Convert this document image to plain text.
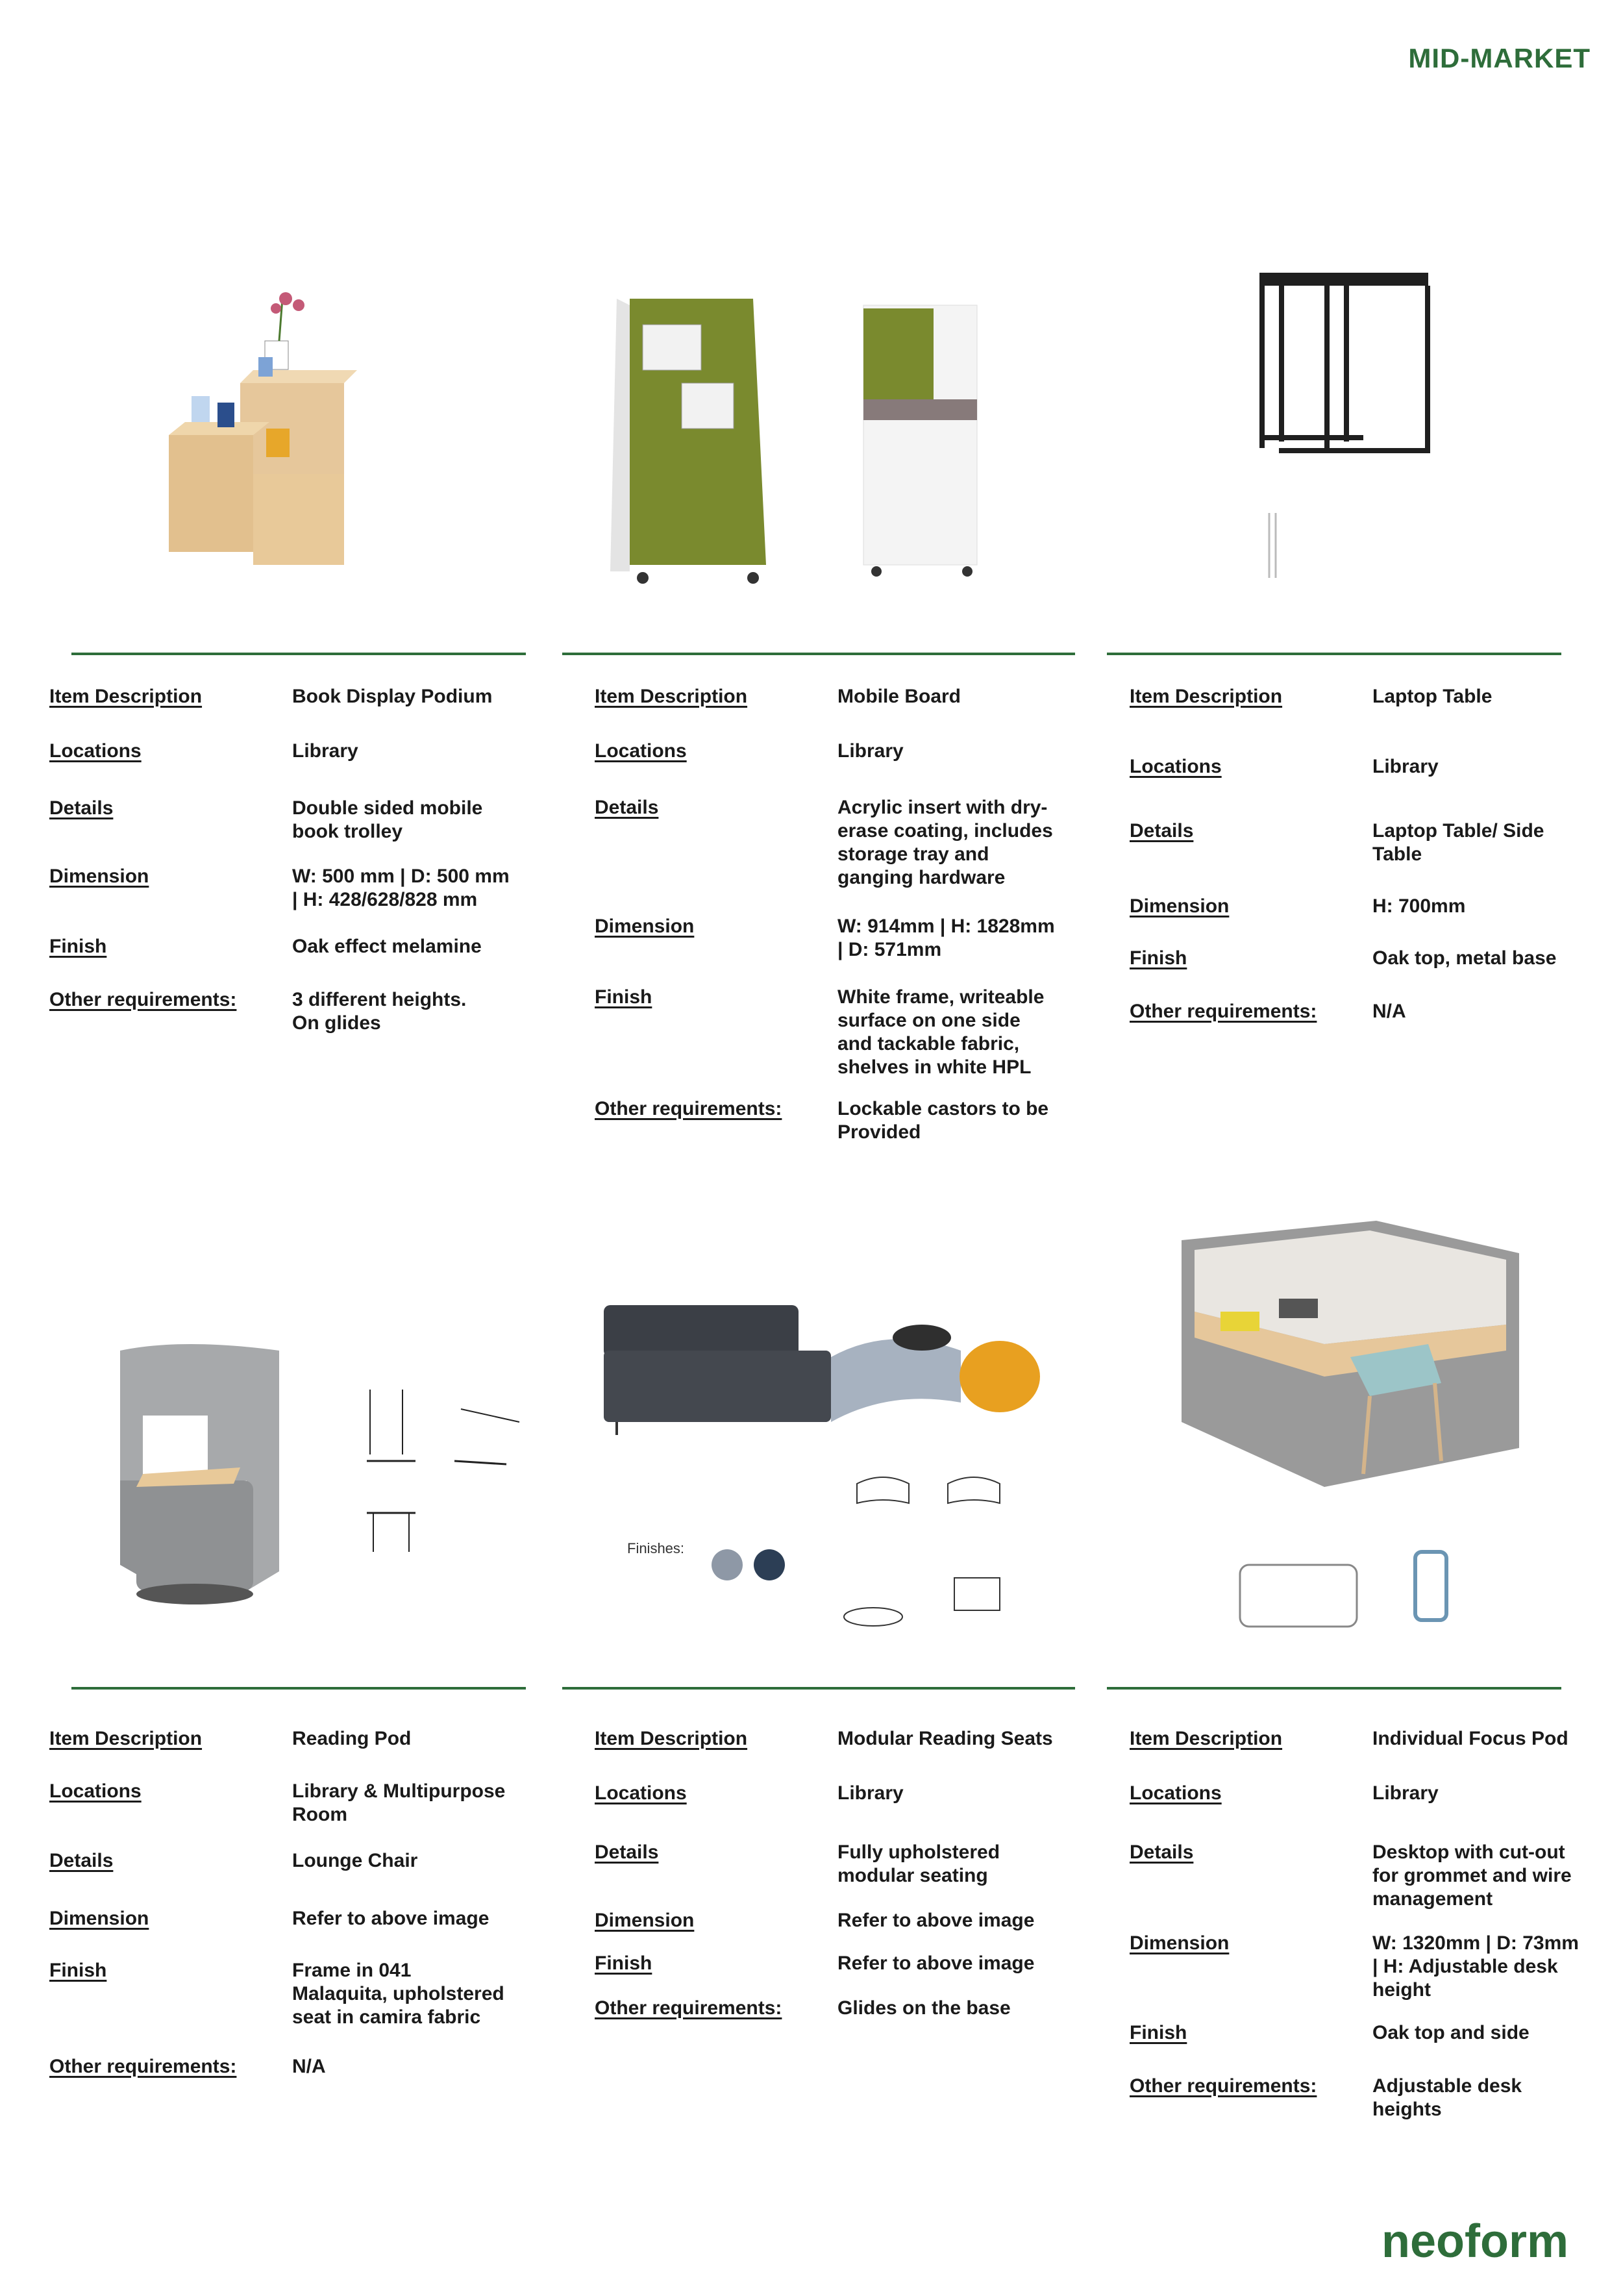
MID-MARKET
Item Description	Book Display Podium
Locations	Library
Details	Double sided mobile
book trolley
Dimension	W: 500 mm | D: 500 mm
| H: 428/628/828 mm
Finish	Oak effect melamine
Other requirements:	3 different heights.
On glides
Item Description	Mobile Board
Locations	Library
Details	Acrylic insert with dry-
erase coating, includes
storage tray and
ganging hardware
Dimension	W: 914mm | H: 1828mm
| D: 571mm
Finish	White frame, writeable
surface on one side
and tackable fabric,
shelves in white HPL
Other requirements:	Lockable castors to be
Provided
Item Description	Laptop Table
Locations	Library
Details	Laptop Table/ Side
Table
Dimension	H: 700mm
Finish	Oak top, metal base
Other requirements:	N/A
Finishes:
Item Description	Reading Pod
Locations	Library & Multipurpose
Room
Details	Lounge Chair
Dimension	Refer to above image
Finish	Frame in 041
Malaquita, upholstered
seat in camira fabric
Other requirements:	N/A
Item Description	Modular Reading Seats
Locations	Library
Details	Fully upholstered
modular seating
Dimension	Refer to above image
Finish	Refer to above image
Other requirements:	Glides on the base
Item Description	Individual Focus Pod
Locations	Library
Details	Desktop with cut-out
for grommet and wire
management
Dimension	W: 1320mm | D: 73mm
| H: Adjustable desk
height
Finish	Oak top and side
Other requirements:	Adjustable desk
heights
neoform
